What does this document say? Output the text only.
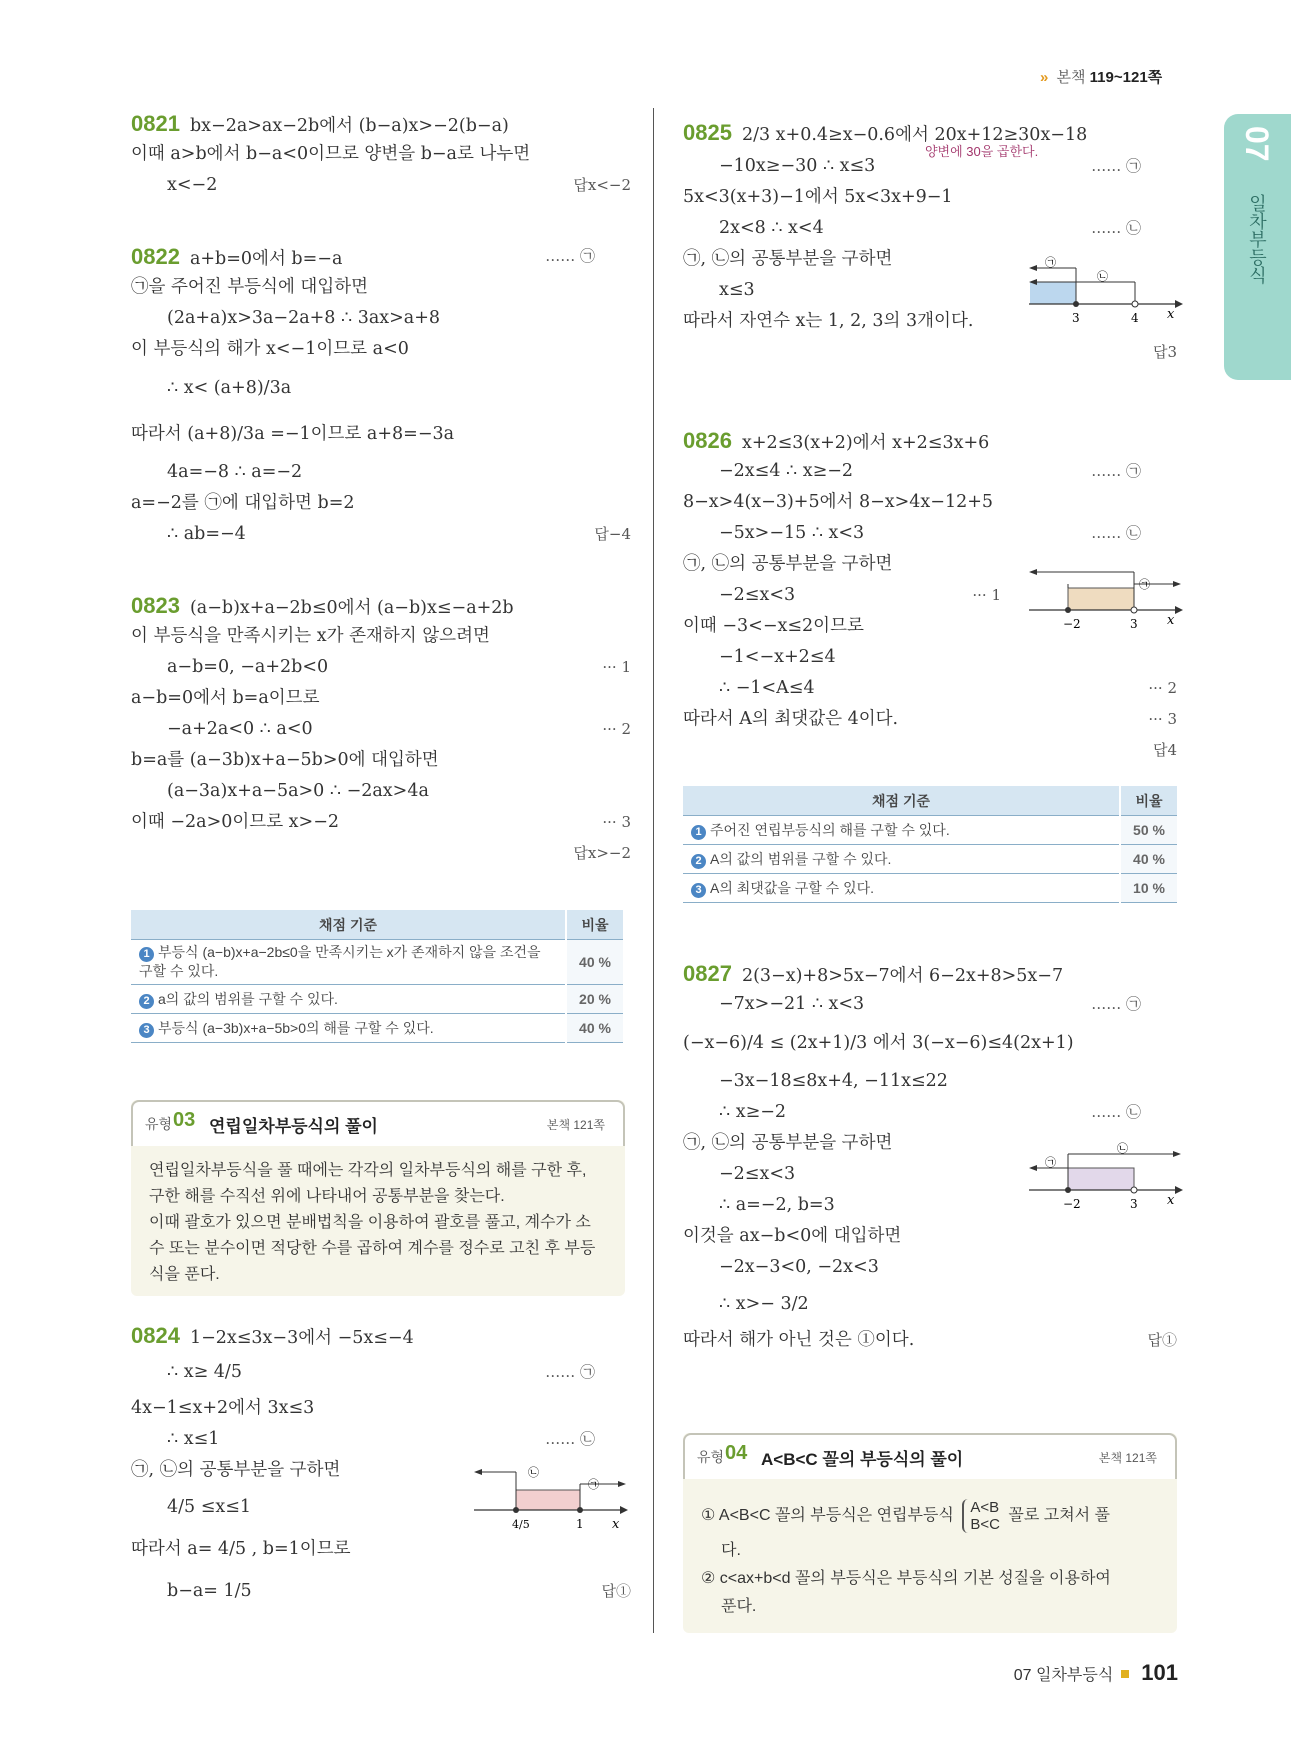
» 본책 119~121쪽
07
일차부등식
0821 bx−2a>ax−2b에서 (b−a)x>−2(b−a)
이때 a>b에서 b−a<0이므로 양변을 b−a로 나누면
x<−2	답x<−2
0822 a+b=0에서 b=−a	…… ㉠
㉠을 주어진 부등식에 대입하면
(2a+a)x>3a−2a+8 ∴ 3ax>a+8
이 부등식의 해가 x<−1이므로 a<0
∴ x< (a+8)/3a
따라서 (a+8)/3a =−1이므로 a+8=−3a
4a=−8 ∴ a=−2
a=−2를 ㉠에 대입하면 b=2
∴ ab=−4	답−4
0823 (a−b)x+a−2b≤0에서 (a−b)x≤−a+2b
이 부등식을 만족시키는 x가 존재하지 않으려면
a−b=0, −a+2b<0	··· 1
a−b=0에서 b=a이므로
−a+2a<0 ∴ a<0	··· 2
b=a를 (a−3b)x+a−5b>0에 대입하면
(a−3a)x+a−5a>0 ∴ −2ax>4a
이때 −2a>0이므로 x>−2	··· 3
답x>−2
채점 기준	비율
1 부등식 (a−b)x+a−2b≤0을 만족시키는 x가 존재하지 않을 조건을 구할 수 있다.	40 %
2 a의 값의 범위를 구할 수 있다.	20 %
3 부등식 (a−3b)x+a−5b>0의 해를 구할 수 있다.	40 %
유형 03 연립일차부등식의 풀이	본책 121쪽
연립일차부등식을 풀 때에는 각각의 일차부등식의 해를 구한 후,
구한 해를 수직선 위에 나타내어 공통부분을 찾는다.
이때 괄호가 있으면 분배법칙을 이용하여 괄호를 풀고, 계수가 소
수 또는 분수이면 적당한 수를 곱하여 계수를 정수로 고친 후 부등
식을 푼다.
0824 1−2x≤3x−3에서 −5x≤−4
∴ x≥ 4/5	…… ㉠
4x−1≤x+2에서 3x≤3
∴ x≤1	…… ㉡
㉠, ㉡의 공통부분을 구하면
4/5 ≤x≤1
따라서 a= 4/5 , b=1이므로
b−a= 1/5	답①
㉡
㉠
4/5	1 x
0825 2/3 x+0.4≥x−0.6에서 20x+12≥30x−18
양변에 30을 곱한다.
−10x≥−30 ∴ x≤3	…… ㉠
5x<3(x+3)−1에서 5x<3x+9−1
2x<8 ∴ x<4	…… ㉡
㉠, ㉡의 공통부분을 구하면
x≤3
따라서 자연수 x는 1, 2, 3의 3개이다.
답3
㉠
㉡
3	4 x
0826 x+2≤3(x+2)에서 x+2≤3x+6
−2x≤4 ∴ x≥−2	…… ㉠
8−x>4(x−3)+5에서 8−x>4x−12+5
−5x>−15 ∴ x<3	…… ㉡
㉠, ㉡의 공통부분을 구하면
−2≤x<3	··· 1
이때 −3<−x≤2이므로
−1<−x+2≤4
∴ −1<A≤4	··· 2
따라서 A의 최댓값은 4이다.	··· 3
답4
㉠
−2	3 x
채점 기준	비율
1 주어진 연립부등식의 해를 구할 수 있다.	50 %
2 A의 값의 범위를 구할 수 있다.	40 %
3 A의 최댓값을 구할 수 있다.	10 %
0827 2(3−x)+8>5x−7에서 6−2x+8>5x−7
−7x>−21 ∴ x<3	…… ㉠
(−x−6)/4 ≤ (2x+1)/3 에서 3(−x−6)≤4(2x+1)
−3x−18≤8x+4, −11x≤22
∴ x≥−2	…… ㉡
㉠, ㉡의 공통부분을 구하면
−2≤x<3
∴ a=−2, b=3
이것을 ax−b<0에 대입하면
−2x−3<0, −2x<3
∴ x>− 3/2
따라서 해가 아닌 것은 ①이다.	답①
㉡
㉠
−2	3 x
유형 04 A<B<C 꼴의 부등식의 풀이	본책 121쪽
① A<B<C 꼴의 부등식은 연립부등식 A<B
B<C
꼴로 고쳐서 풀
다.
② c<ax+b<d 꼴의 부등식은 부등식의 기본 성질을 이용하여
푼다.
07 일차부등식 101
